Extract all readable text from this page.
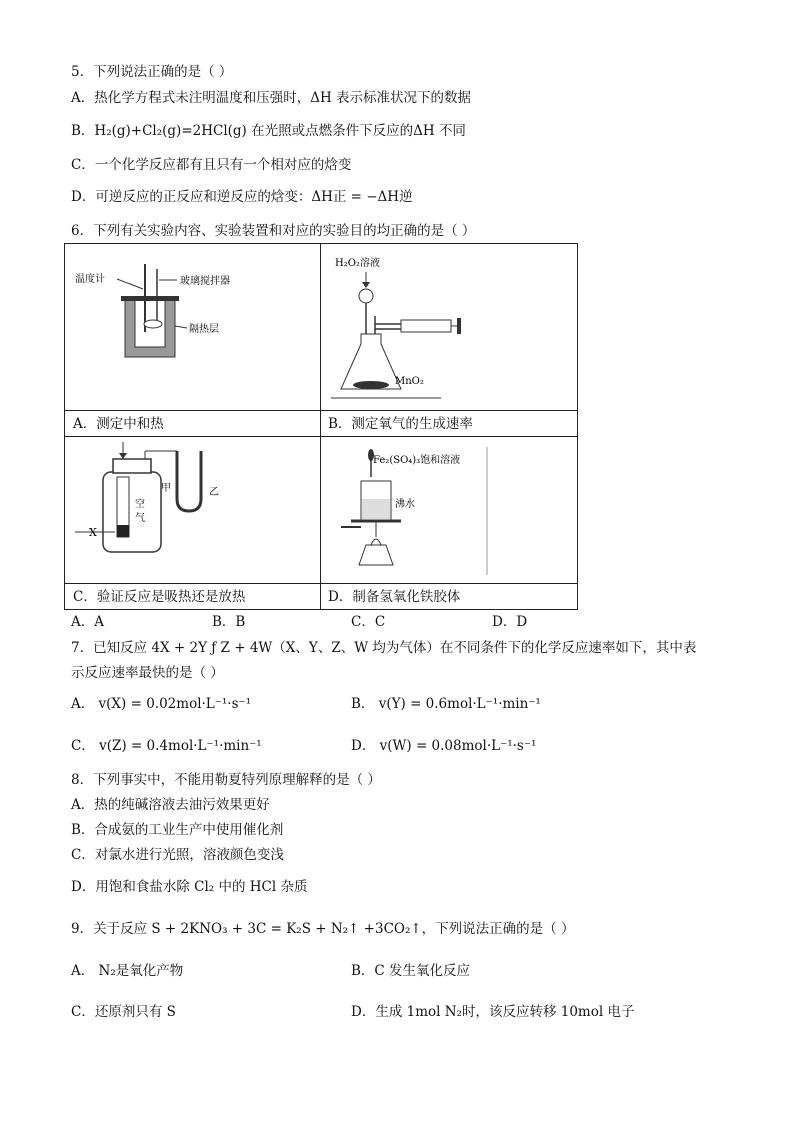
5．下列说法正确的是（ ）
A．热化学方程式未注明温度和压强时，ΔH 表示标准状况下的数据
B．H₂(g)+Cl₂(g)=2HCl(g) 在光照或点燃条件下反应的ΔH 不同
C．一个化学反应都有且只有一个相对应的焓变
D．可逆反应的正反应和逆反应的焓变：ΔH正 = −ΔH逆
6．下列有关实验内容、实验装置和对应的实验目的均正确的是（ ）
温度计	玻璃搅拌器
隔热层
H₂O₂溶液
MnO₂
A．测定中和热	B．测定氧气的生成速率
X
甲	乙
空
气
Fe₂(SO₄)₃饱和溶液
沸水
C．验证反应是吸热还是放热	D．制备氢氧化铁胶体
A．A	B．B	C．C	D．D
7．已知反应 4X + 2Y ƒ Z + 4W（X、Y、Z、W 均为气体）在不同条件下的化学反应速率如下，其中表
示反应速率最快的是（ ）
A． v(X) = 0.02mol·L⁻¹·s⁻¹	B． v(Y) = 0.6mol·L⁻¹·min⁻¹
C． v(Z) = 0.4mol·L⁻¹·min⁻¹	D． v(W) = 0.08mol·L⁻¹·s⁻¹
8．下列事实中，不能用勒夏特列原理解释的是（ ）
A．热的纯碱溶液去油污效果更好
B．合成氨的工业生产中使用催化剂
C．对氯水进行光照，溶液颜色变浅
D．用饱和食盐水除 Cl₂ 中的 HCl 杂质
9．关于反应 S + 2KNO₃ + 3C = K₂S + N₂↑ +3CO₂↑，下列说法正确的是（ ）
A． N₂是氧化产物	B．C 发生氧化反应
C．还原剂只有 S	D．生成 1mol N₂时，该反应转移 10mol 电子
